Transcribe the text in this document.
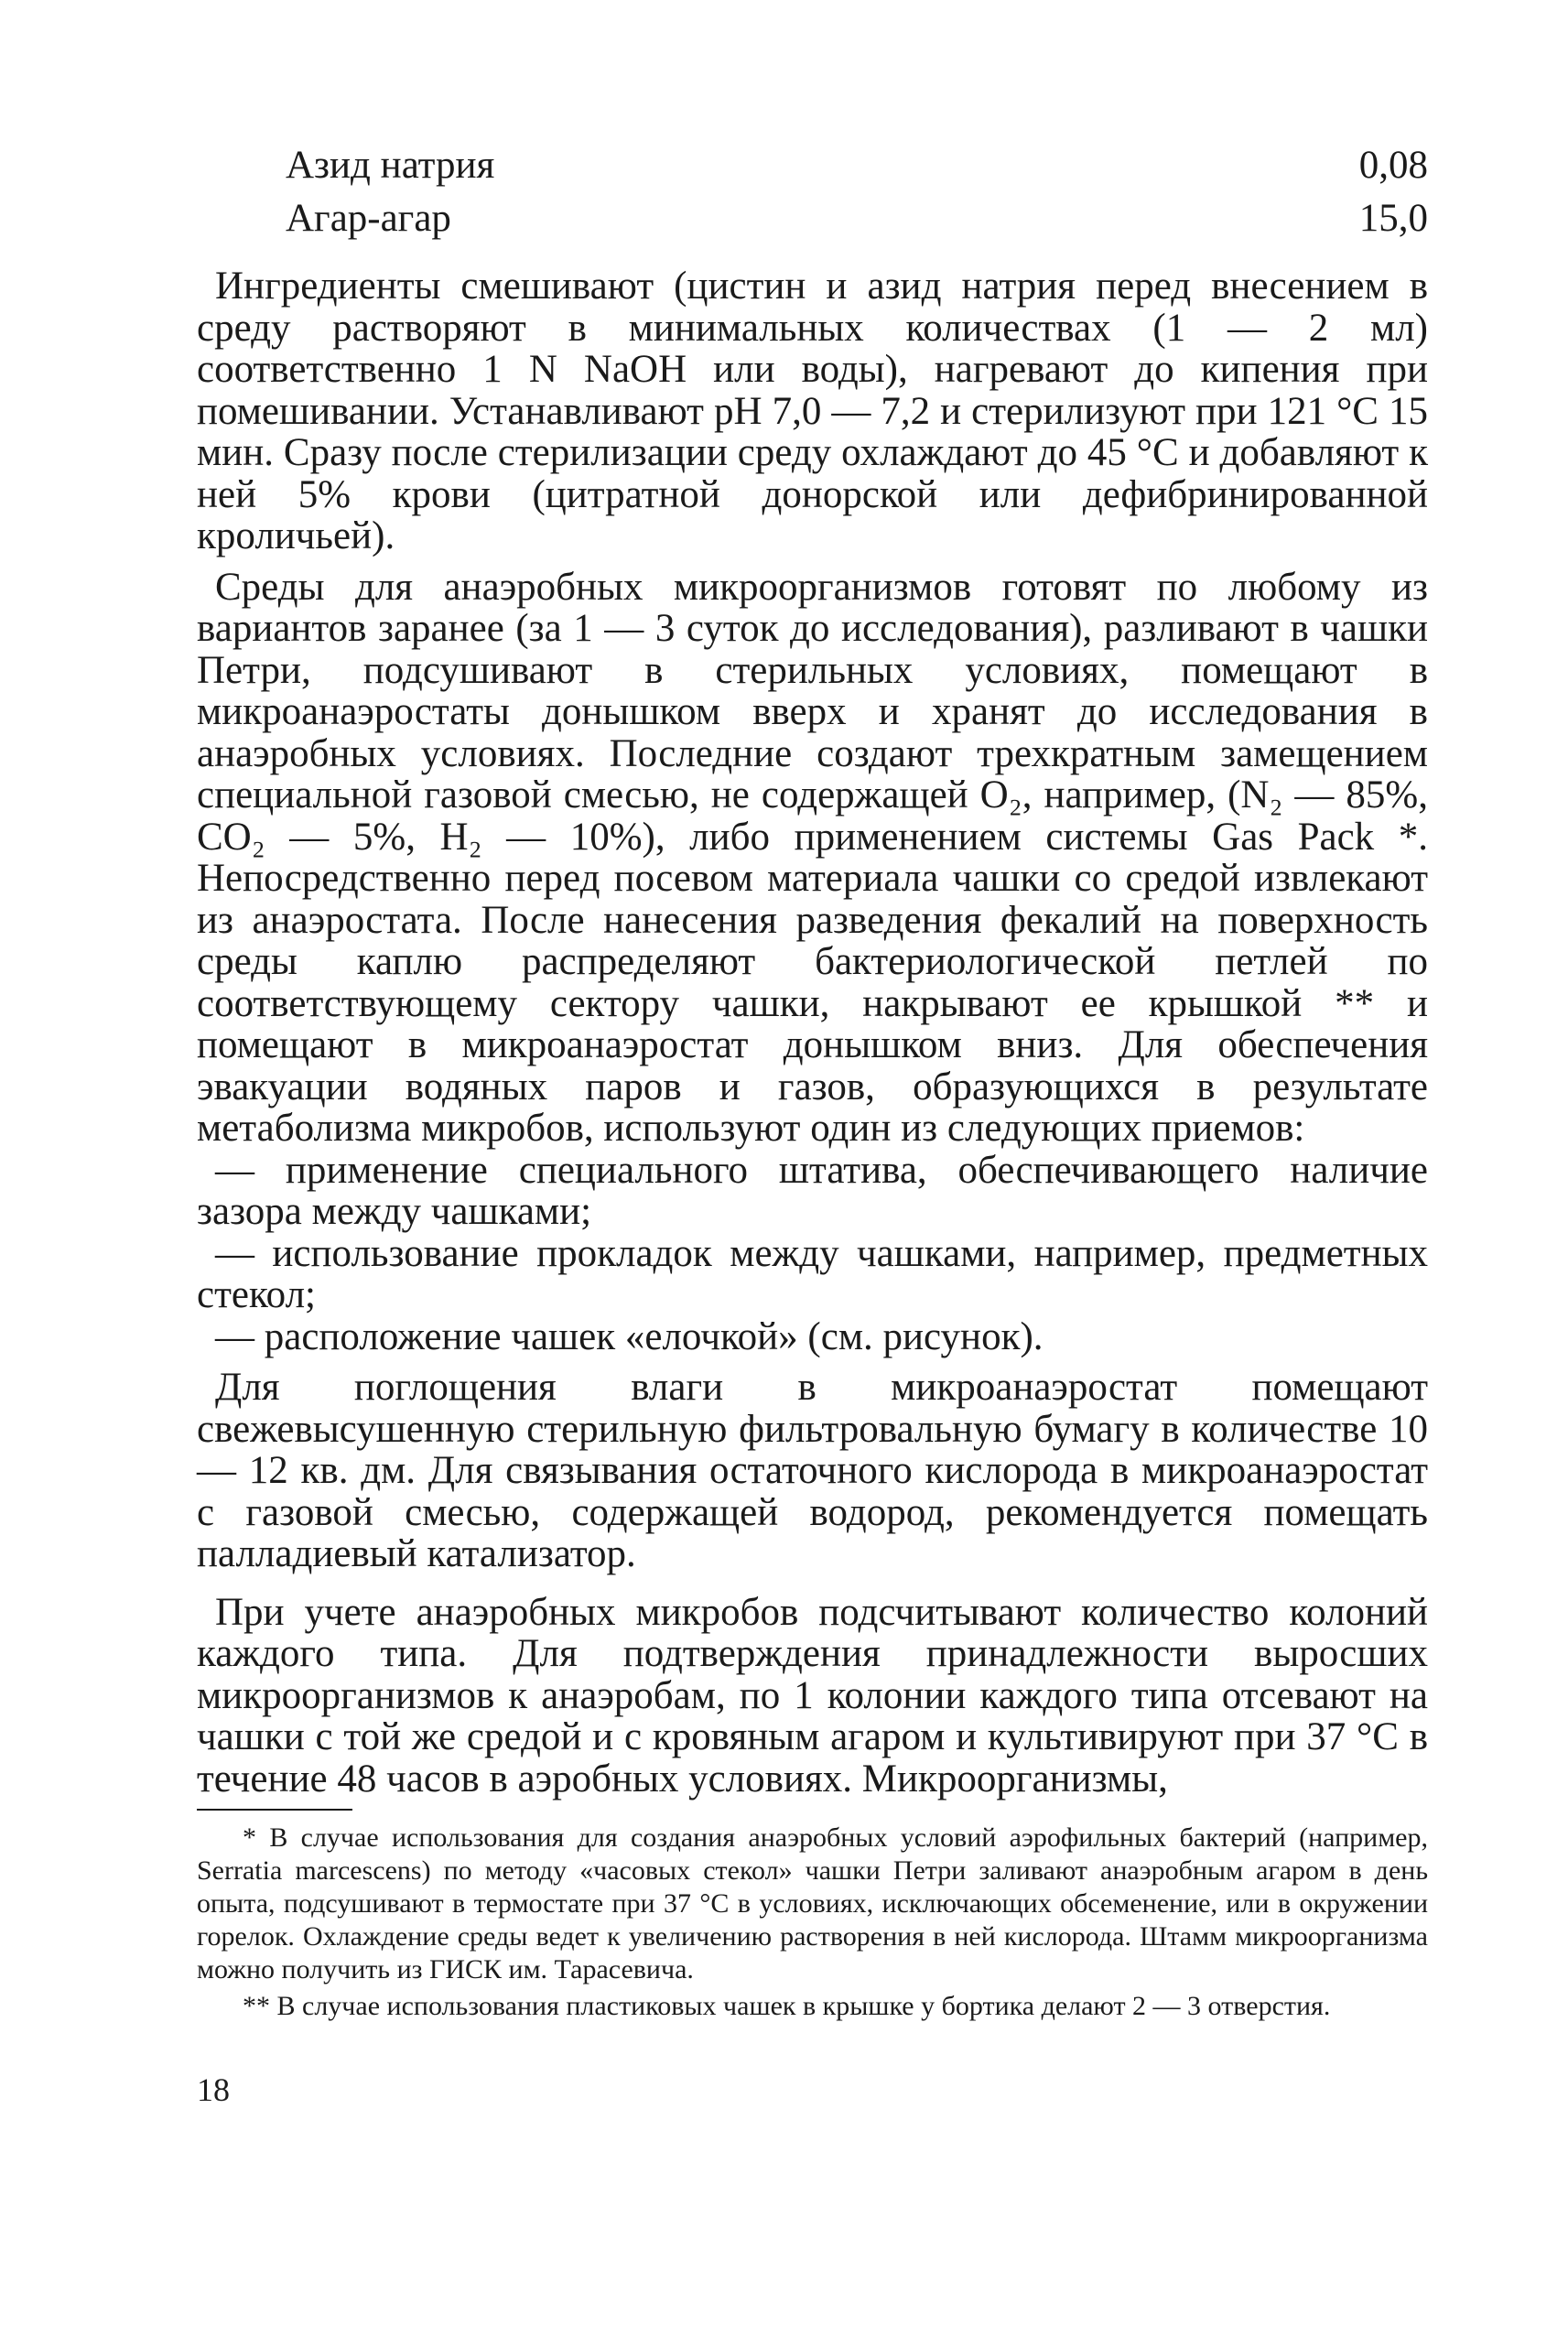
Азид натрия	0,08
Агар-агар	15,0

Ингредиенты смешивают (цистин и азид натрия перед внесением в среду растворяют в минимальных количествах (1 — 2 мл) соответственно 1 N NaOH или воды), нагревают до кипения при помешивании. Устанавливают рН 7,0 — 7,2 и стерилизуют при 121 °С 15 мин. Сразу после стерилизации среду охлаждают до 45 °С и добавляют к ней 5% крови (цитратной донорской или дефибринированной кроличьей).

Среды для анаэробных микроорганизмов готовят по любому из вариантов заранее (за 1 — 3 суток до исследования), разливают в чашки Петри, подсушивают в стерильных условиях, помещают в микроанаэростаты донышком вверх и хранят до исследования в анаэробных условиях. Последние создают трехкратным замещением специальной газовой смесью, не содержащей O₂, например, (N₂ — 85%, CO₂ — 5%, H₂ — 10%), либо применением системы Gas Pack *. Непосредственно перед посевом материала чашки со средой извлекают из анаэростата. После нанесения разведения фекалий на поверхность среды каплю распределяют бактериологической петлей по соответствующему сектору чашки, накрывают ее крышкой ** и помещают в микроанаэростат донышком вниз. Для обеспечения эвакуации водяных паров и газов, образующихся в результате метаболизма микробов, используют один из следующих приемов:

— применение специального штатива, обеспечивающего наличие зазора между чашками;

— использование прокладок между чашками, например, предметных стекол;

— расположение чашек «елочкой» (см. рисунок).

Для поглощения влаги в микроанаэростат помещают свежевысушенную стерильную фильтровальную бумагу в количестве 10 — 12 кв. дм. Для связывания остаточного кислорода в микроанаэростат с газовой смесью, содержащей водород, рекомендуется помещать палладиевый катализатор.

При учете анаэробных микробов подсчитывают количество колоний каждого типа. Для подтверждения принадлежности выросших микроорганизмов к анаэробам, по 1 колонии каждого типа отсевают на чашки с той же средой и с кровяным агаром и культивируют при 37 °С в течение 48 часов в аэробных условиях. Микроорганизмы,

* В случае использования для создания анаэробных условий аэрофильных бактерий (например, Serratia marcescens) по методу «часовых стекол» чашки Петри заливают анаэробным агаром в день опыта, подсушивают в термостате при 37 °С в условиях, исключающих обсеменение, или в окружении горелок. Охлаждение среды ведет к увеличению растворения в ней кислорода. Штамм микроорганизма можно получить из ГИСК им. Тарасевича.

** В случае использования пластиковых чашек в крышке у бортика делают 2 — 3 отверстия.

18
